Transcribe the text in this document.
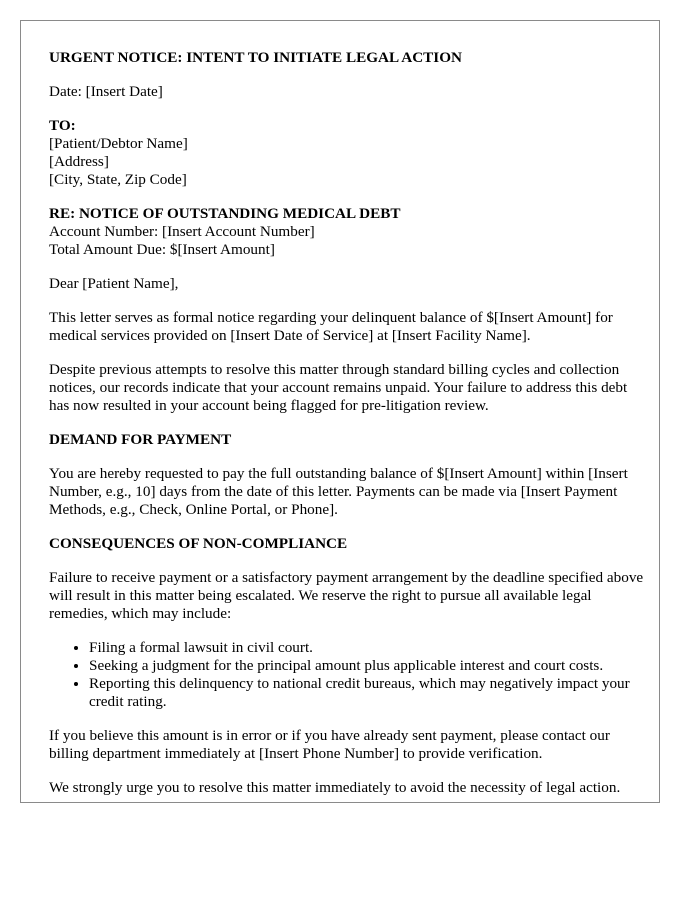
URGENT NOTICE: INTENT TO INITIATE LEGAL ACTION

Date: [Insert Date]

TO:
[Patient/Debtor Name]
[Address]
[City, State, Zip Code]

RE: NOTICE OF OUTSTANDING MEDICAL DEBT
Account Number: [Insert Account Number]
Total Amount Due: $[Insert Amount]

Dear [Patient Name],

This letter serves as formal notice regarding your delinquent balance of $[Insert Amount] for medical services provided on [Insert Date of Service] at [Insert Facility Name].

Despite previous attempts to resolve this matter through standard billing cycles and collection notices, our records indicate that your account remains unpaid. Your failure to address this debt has now resulted in your account being flagged for pre-litigation review.

DEMAND FOR PAYMENT

You are hereby requested to pay the full outstanding balance of $[Insert Amount] within [Insert Number, e.g., 10] days from the date of this letter. Payments can be made via [Insert Payment Methods, e.g., Check, Online Portal, or Phone].

CONSEQUENCES OF NON-COMPLIANCE

Failure to receive payment or a satisfactory payment arrangement by the deadline specified above will result in this matter being escalated. We reserve the right to pursue all available legal remedies, which may include:

• Filing a formal lawsuit in civil court.
• Seeking a judgment for the principal amount plus applicable interest and court costs.
• Reporting this delinquency to national credit bureaus, which may negatively impact your credit rating.

If you believe this amount is in error or if you have already sent payment, please contact our billing department immediately at [Insert Phone Number] to provide verification.

We strongly urge you to resolve this matter immediately to avoid the necessity of legal action.
